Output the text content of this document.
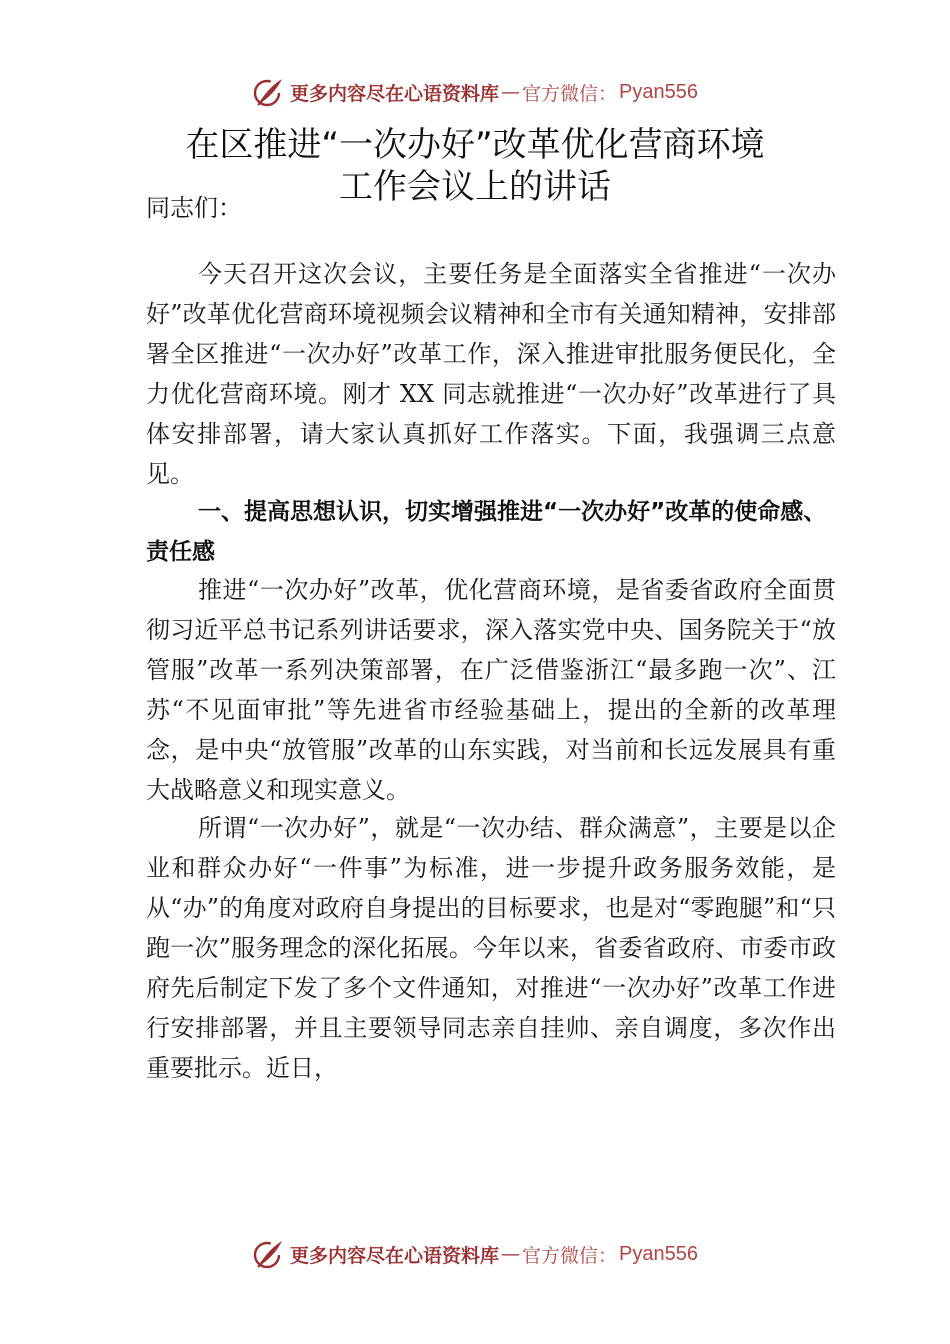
更多内容尽在心语资料库 — 官方微信： Pyan556
在区推进“一次办好”改革优化营商环境
工作会议上的讲话
同志们：
今天召开这次会议，主要任务是全面落实全省推进“一次办好”改革优化营商环境视频会议精神和全市有关通知精神，安排部署全区推进“一次办好”改革工作，深入推进审批服务便民化，全力优化营商环境。刚才 XX 同志就推进“一次办好”改革进行了具体安排部署，请大家认真抓好工作落实。下面，我强调三点意见。
一、提高思想认识，切实增强推进“一次办好”改革的使命感、责任感
推进“一次办好”改革，优化营商环境，是省委省政府全面贯彻习近平总书记系列讲话要求，深入落实党中央、国务院关于“放管服”改革一系列决策部署，在广泛借鉴浙江“最多跑一次”、江苏“不见面审批”等先进省市经验基础上，提出的全新的改革理念，是中央“放管服”改革的山东实践，对当前和长远发展具有重大战略意义和现实意义。
所谓“一次办好”，就是“一次办结、群众满意”，主要是以企业和群众办好“一件事”为标准，进一步提升政务服务效能，是从“办”的角度对政府自身提出的目标要求，也是对“零跑腿”和“只跑一次”服务理念的深化拓展。今年以来，省委省政府、市委市政府先后制定下发了多个文件通知，对推进“一次办好”改革工作进行安排部署，并且主要领导同志亲自挂帅、亲自调度，多次作出重要批示。近日，
更多内容尽在心语资料库 — 官方微信： Pyan556
